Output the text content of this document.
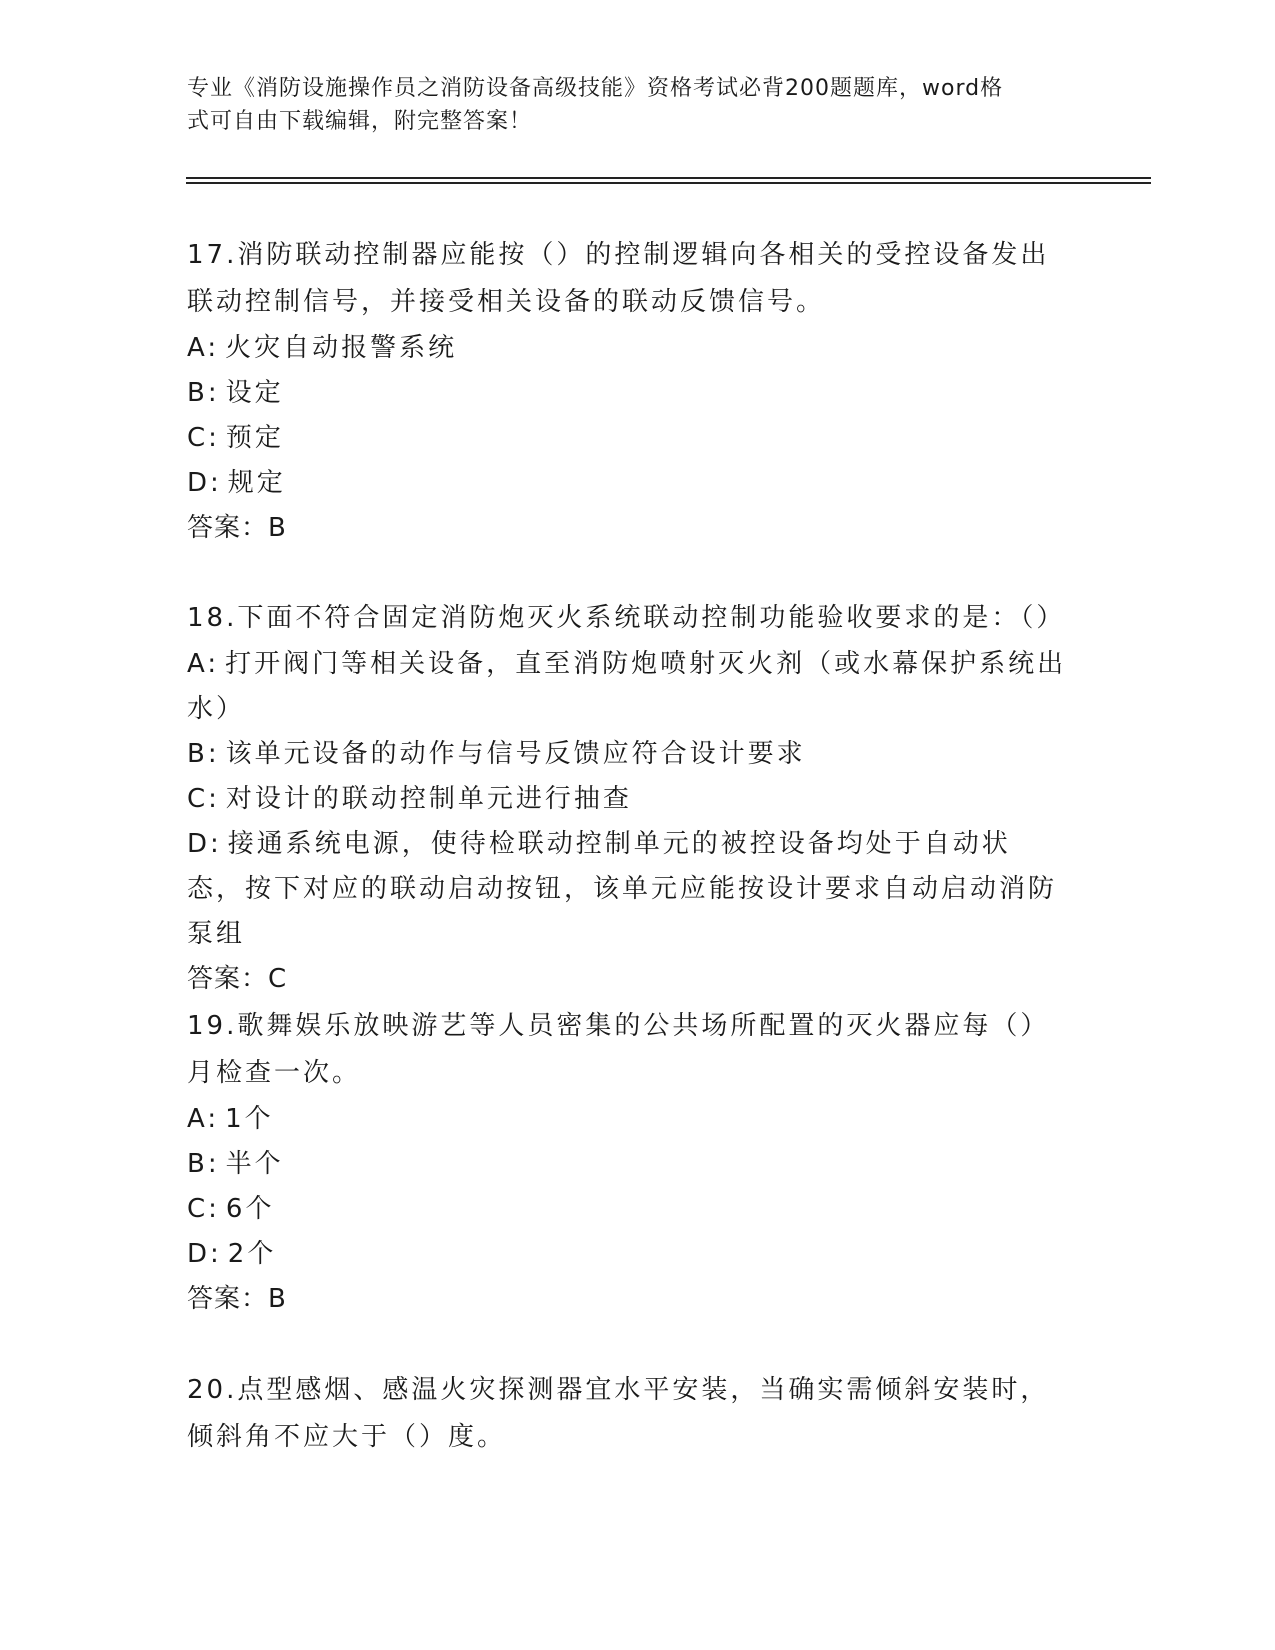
专业《消防设施操作员之消防设备高级技能》资格考试必背200题题库，word格
式可自由下载编辑，附完整答案！

17.消防联动控制器应能按（）的控制逻辑向各相关的受控设备发出联动控制信号，并接受相关设备的联动反馈信号。

A: 火灾自动报警系统

B: 设定

C: 预定

D: 规定

答案：B

18.下面不符合固定消防炮灭火系统联动控制功能验收要求的是：（）

A: 打开阀门等相关设备，直至消防炮喷射灭火剂（或水幕保护系统出水）

B: 该单元设备的动作与信号反馈应符合设计要求

C: 对设计的联动控制单元进行抽查

D: 接通系统电源，使待检联动控制单元的被控设备均处于自动状态，按下对应的联动启动按钮，该单元应能按设计要求自动启动消防泵组

答案：C

19.歌舞娱乐放映游艺等人员密集的公共场所配置的灭火器应每（）月检查一次。

A: 1个

B: 半个

C: 6个

D: 2个

答案：B

20.点型感烟、感温火灾探测器宜水平安装，当确实需倾斜安装时，倾斜角不应大于（）度。
